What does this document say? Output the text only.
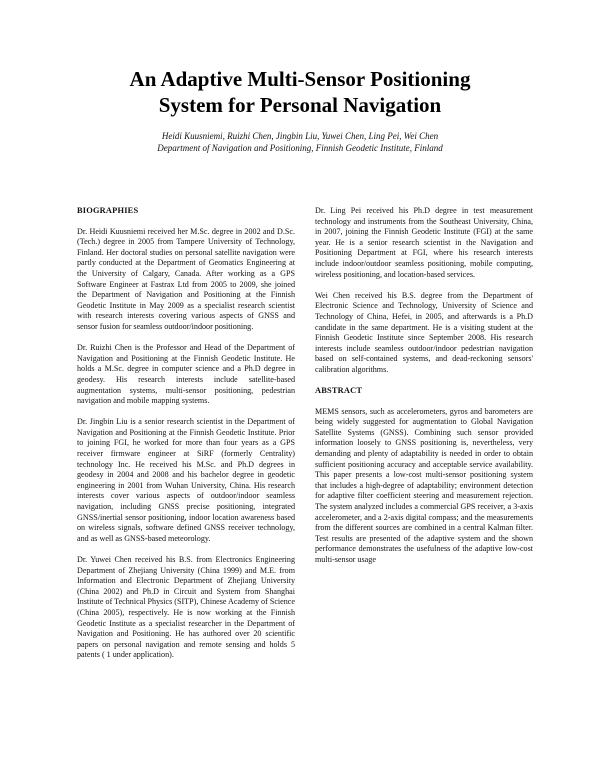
An Adaptive Multi-Sensor Positioning
System for Personal Navigation
Heidi Kuusniemi, Ruizhi Chen, Jingbin Liu, Yuwei Chen, Ling Pei, Wei Chen
Department of Navigation and Positioning, Finnish Geodetic Institute, Finland
BIOGRAPHIES

Dr. Heidi Kuusniemi received her M.Sc. degree in 2002 and D.Sc. (Tech.) degree in 2005 from Tampere University of Technology, Finland. Her doctoral studies on personal satellite navigation were partly conducted at the Department of Geomatics Engineering at the University of Calgary, Canada. After working as a GPS Software Engineer at Fastrax Ltd from 2005 to 2009, she joined the Department of Navigation and Positioning at the Finnish Geodetic Institute in May 2009 as a specialist research scientist with research interests covering various aspects of GNSS and sensor fusion for seamless outdoor/indoor positioning.

Dr. Ruizhi Chen is the Professor and Head of the Department of Navigation and Positioning at the Finnish Geodetic Institute. He holds a M.Sc. degree in computer science and a Ph.D degree in geodesy. His research interests include satellite-based augmentation systems, multi-sensor positioning, pedestrian navigation and mobile mapping systems.

Dr. Jingbin Liu is a senior research scientist in the Department of Navigation and Positioning at the Finnish Geodetic Institute. Prior to joining FGI, he worked for more than four years as a GPS receiver firmware engineer at SiRF (formerly Centrality) technology Inc. He received his M.Sc. and Ph.D degrees in geodesy in 2004 and 2008 and his bachelor degree in geodetic engineering in 2001 from Wuhan University, China. His research interests cover various aspects of outdoor/indoor seamless navigation, including GNSS precise positioning, integrated GNSS/inertial sensor positioning, indoor location awareness based on wireless signals, software defined GNSS receiver technology, and as well as GNSS-based meteorology.

Dr. Yuwei Chen received his B.S. from Electronics Engineering Department of Zhejiang University (China 1999) and M.E. from Information and Electronic Department of Zhejiang University (China 2002) and Ph.D in Circuit and System from Shanghai Institute of Technical Physics (SITP), Chinese Academy of Science (China 2005), respectively. He is now working at the Finnish Geodetic Institute as a specialist researcher in the Department of Navigation and Positioning. He has authored over 20 scientific papers on personal navigation and remote sensing and holds 5 patents ( 1 under application).

Dr. Ling Pei received his Ph.D degree in test measurement technology and instruments from the Southeast University, China, in 2007, joining the Finnish Geodetic Institute (FGI) at the same year. He is a senior research scientist in the Navigation and Positioning Department at FGI, where his research interests include indoor/outdoor seamless positioning, mobile computing, wireless positioning, and location-based services.

Wei Chen received his B.S. degree from the Department of Electronic Science and Technology, University of Science and Technology of China, Hefei, in 2005, and afterwards is a Ph.D candidate in the same department. He is a visiting student at the Finnish Geodetic Institute since September 2008. His research interests include seamless outdoor/indoor pedestrian navigation based on self-contained systems, and dead-reckoning sensors' calibration algorithms.

ABSTRACT

MEMS sensors, such as accelerometers, gyros and barometers are being widely suggested for augmentation to Global Navigation Satellite Systems (GNSS). Combining such sensor provided information loosely to GNSS positioning is, nevertheless, very demanding and plenty of adaptability is needed in order to obtain sufficient positioning accuracy and acceptable service availability. This paper presents a low-cost multi-sensor positioning system that includes a high-degree of adaptability; environment detection for adaptive filter coefficient steering and measurement rejection. The system analyzed includes a commercial GPS receiver, a 3-axis accelerometer, and a 2-axis digital compass; and the measurements from the different sources are combined in a central Kalman filter. Test results are presented of the adaptive system and the shown performance demonstrates the usefulness of the adaptive low-cost multi-sensor usage
